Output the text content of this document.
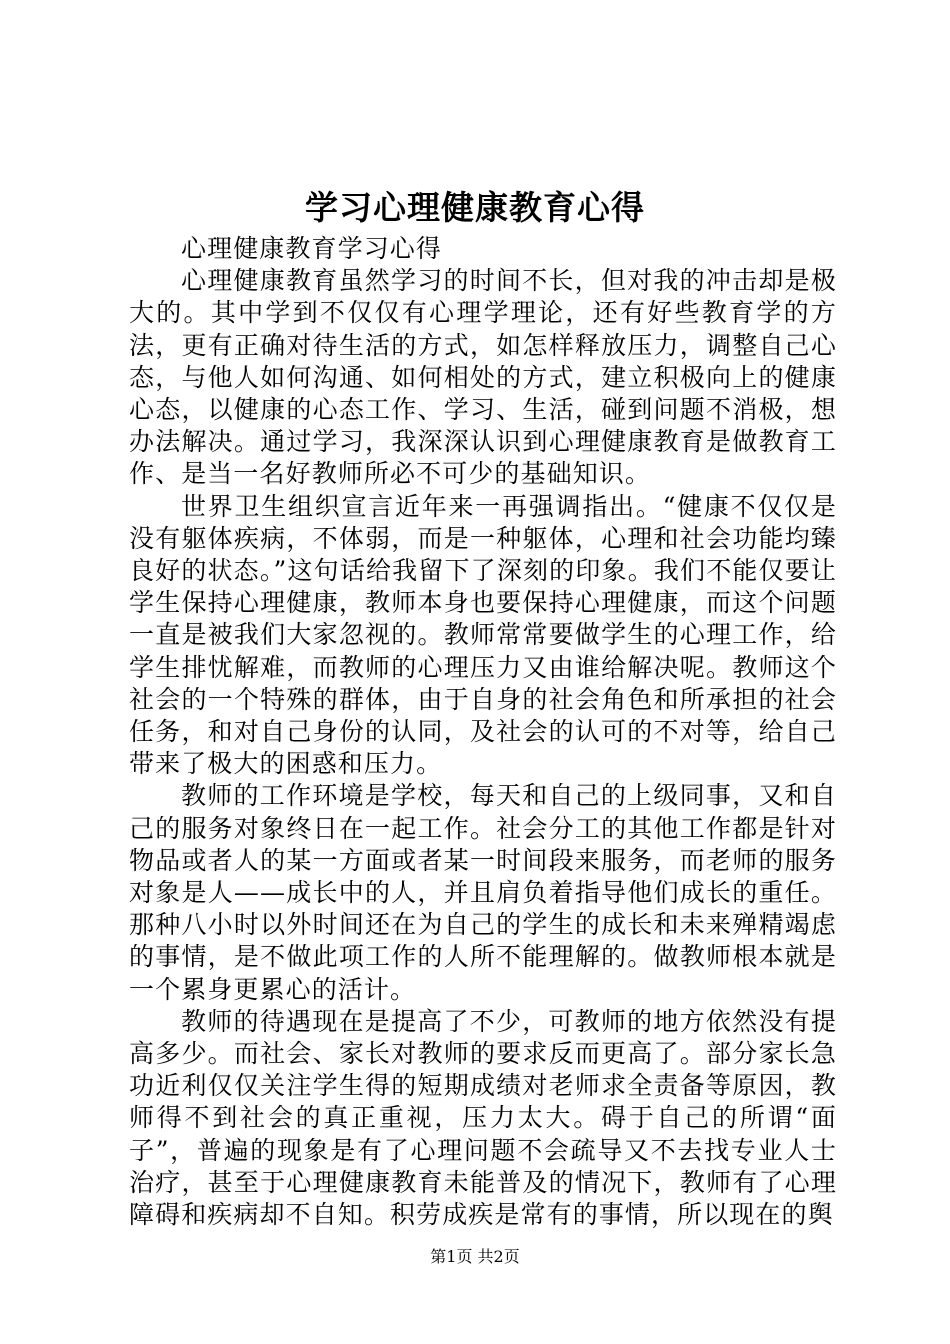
学习心理健康教育心得

心理健康教育学习心得

心理健康教育虽然学习的时间不长，但对我的冲击却是极大的。其中学到不仅仅有心理学理论，还有好些教育学的方法，更有正确对待生活的方式，如怎样释放压力，调整自己心态，与他人如何沟通、如何相处的方式，建立积极向上的健康心态，以健康的心态工作、学习、生活，碰到问题不消极，想办法解决。通过学习，我深深认识到心理健康教育是做教育工作、是当一名好教师所必不可少的基础知识。

世界卫生组织宣言近年来一再强调指出。“健康不仅仅是没有躯体疾病，不体弱，而是一种躯体，心理和社会功能均臻良好的状态。”这句话给我留下了深刻的印象。我们不能仅要让学生保持心理健康，教师本身也要保持心理健康，而这个问题一直是被我们大家忽视的。教师常常要做学生的心理工作，给学生排忧解难，而教师的心理压力又由谁给解决呢。教师这个社会的一个特殊的群体，由于自身的社会角色和所承担的社会任务，和对自己身份的认同，及社会的认可的不对等，给自己带来了极大的困惑和压力。

教师的工作环境是学校，每天和自己的上级同事，又和自己的服务对象终日在一起工作。社会分工的其他工作都是针对物品或者人的某一方面或者某一时间段来服务，而老师的服务对象是人——成长中的人，并且肩负着指导他们成长的重任。那种八小时以外时间还在为自己的学生的成长和未来殚精竭虑的事情，是不做此项工作的人所不能理解的。做教师根本就是一个累身更累心的活计。

教师的待遇现在是提高了不少，可教师的地方依然没有提高多少。而社会、家长对教师的要求反而更高了。部分家长急功近利仅仅关注学生得的短期成绩对老师求全责备等原因，教师得不到社会的真正重视，压力太大。碍于自己的所谓“面子”，普遍的现象是有了心理问题不会疏导又不去找专业人士治疗，甚至于心理健康教育未能普及的情况下，教师有了心理障碍和疾病却不自知。积劳成疾是常有的事情，所以现在的舆

第1页 共2页
